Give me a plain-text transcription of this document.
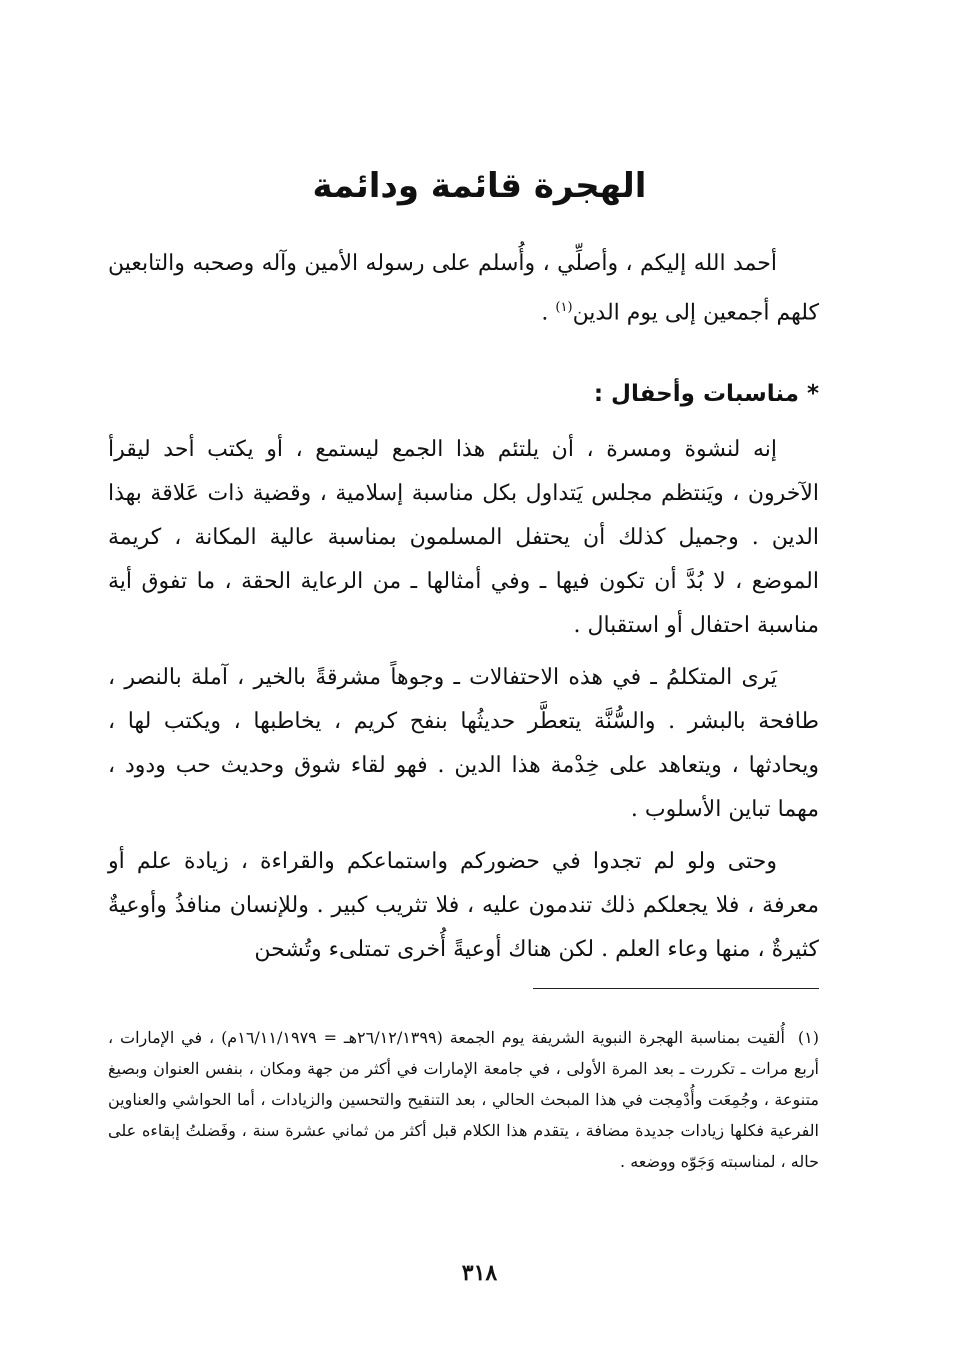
الهجرة قائمة ودائمة

أحمد الله إليكم ، وأصلِّي ، وأُسلم على رسوله الأمين وآله وصحبه والتابعين كلهم أجمعين إلى يوم الدين$^{(١)}$ .

* مناسبات وأحفال :

إنه لنشوة ومسرة ، أن يلتئم هذا الجمع ليستمع ، أو يكتب أحد ليقرأ الآخرون ، ويَنتظم مجلس يَتداول بكل مناسبة إسلامية ، وقضية ذات عَلاقة بهذا الدين . وجميل كذلك أن يحتفل المسلمون بمناسبة عالية المكانة ، كريمة الموضع ، لا بُدَّ أن تكون فيها ـ وفي أمثالها ـ من الرعاية الحقة ، ما تفوق أية مناسبة احتفال أو استقبال .

يَرى المتكلمُ ـ في هذه الاحتفالات ـ وجوهاً مشرقةً بالخير ، آملة بالنصر ، طافحة بالبشر . والسُّنَّة يتعطَّر حديثُها بنفح كريم ، يخاطبها ، ويكتب لها ، ويحادثها ، ويتعاهد على خِدْمة هذا الدين . فهو لقاء شوق وحديث حب ودود ، مهما تباين الأسلوب .

وحتى ولو لم تجدوا في حضوركم واستماعكم والقراءة ، زيادة علم أو معرفة ، فلا يجعلكم ذلك تندمون عليه ، فلا تثريب كبير . وللإنسان منافذُ وأوعيةٌ كثيرةٌ ، منها وعاء العلم . لكن هناك أوعيةً أُخرى تمتلىء وتُشحن

(١)أُلقيت بمناسبة الهجرة النبوية الشريفة يوم الجمعة (٢٦/١٢/١٣٩٩هـ = ١٦/١١/١٩٧٩م) ، في الإمارات ، أربع مرات ـ تكررت ـ بعد المرة الأولى ، في جامعة الإمارات في أكثر من جهة ومكان ، بنفس العنوان وبصيغ متنوعة ، وجُمِعَت وأُدْمِجت في هذا المبحث الحالي ، بعد التنقيح والتحسين والزيادات ، أما الحواشي والعناوين الفرعية فكلها زيادات جديدة مضافة ، يتقدم هذا الكلام قبل أكثر من ثماني عشرة سنة ، وفَضلتُ إبقاءه على حاله ، لمناسبته وَجَوّه ووضعه .

٣١٨
